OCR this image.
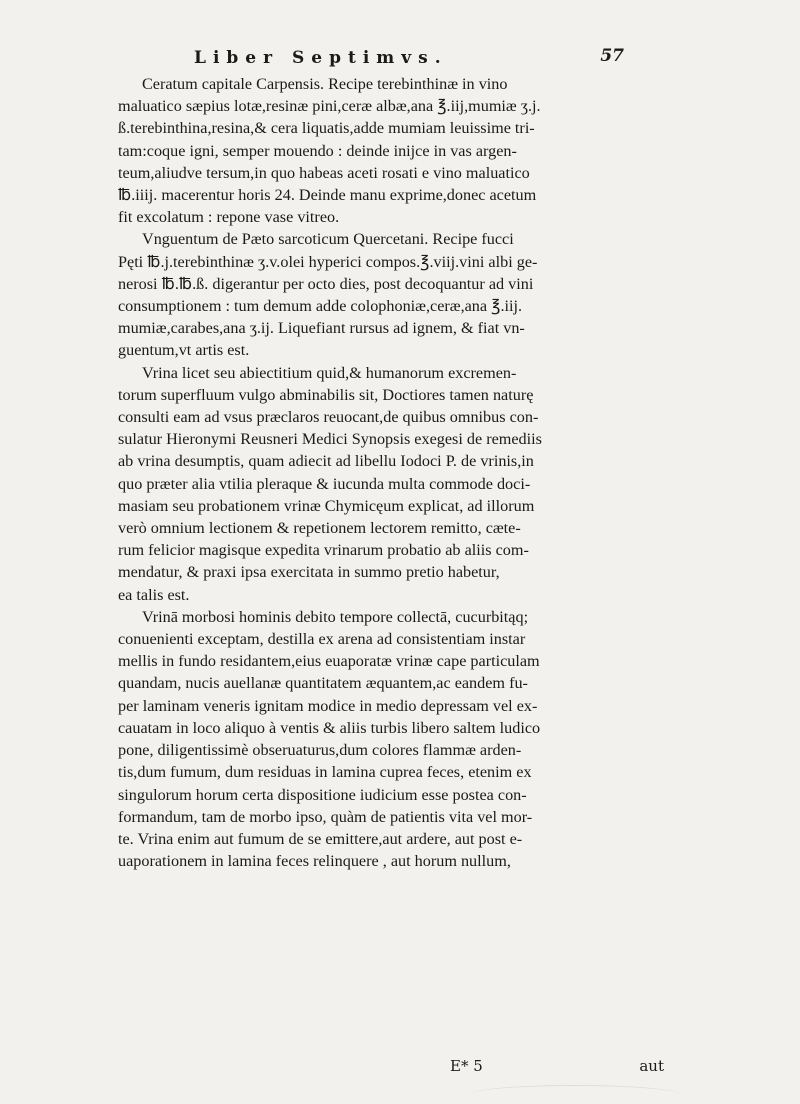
Liber Septimvs.	57

Ceratum capitale Carpensis. Recipe terebinthinæ in vino
maluatico sæpius lotæ,resinæ pini,ceræ albæ,ana ℥.iij,mumiæ ʒ.j.
ß.terebinthina,resina,& cera liquatis,adde mumiam leuissime tri-
tam:coque igni, semper mouendo : deinde inijce in vas argen-
teum,aliudve tersum,in quo habeas aceti rosati e vino maluatico
℔.iiij. macerentur horis 24. Deinde manu exprime,donec acetum
fit excolatum : repone vase vitreo.

Vnguentum de Pæto sarcoticum Quercetani. Recipe fucci
Pęti ℔.j.terebinthinæ ʒ.v.olei hyperici compos.℥.viij.vini albi ge-
nerosi ℔.℔.ß. digerantur per octo dies, post decoquantur ad vini
consumptionem : tum demum adde colophoniæ,ceræ,ana ℥.iij.
mumiæ,carabes,ana ʒ.ij. Liquefiant rursus ad ignem, & fiat vn-
guentum,vt artis est.

Vrina licet seu abiectitium quid,& humanorum excremen-
torum superfluum vulgo abminabilis sit, Doctiores tamen naturę
consulti eam ad vsus præclaros reuocant,de quibus omnibus con-
sulatur Hieronymi Reusneri Medici Synopsis exegesi de remediis
ab vrina desumptis, quam adiecit ad libellu Iodoci P. de vrinis,in
quo præter alia vtilia pleraque & iucunda multa commode doci-
masiam seu probationem vrinæ Chymicęum explicat, ad illorum
verò omnium lectionem & repetionem lectorem remitto, cæte-
rum felicior magisque expedita vrinarum probatio ab aliis com-
mendatur, & praxi ipsa exercitata in summo pretio habetur,
ea talis est.

Vrinā morbosi hominis debito tempore collectā, cucurbitąq;
conuenienti exceptam, destilla ex arena ad consistentiam instar
mellis in fundo residantem,eius euaporatæ vrinæ cape particulam
quandam, nucis auellanæ quantitatem æquantem,ac eandem fu-
per laminam veneris ignitam modice in medio depressam vel ex-
cauatam in loco aliquo à ventis & aliis turbis libero saltem ludico
pone, diligentissimè obseruaturus,dum colores flammæ arden-
tis,dum fumum, dum residuas in lamina cuprea feces, etenim ex
singulorum horum certa dispositione iudicium esse postea con-
formandum, tam de morbo ipso, quàm de patientis vita vel mor-
te. Vrina enim aut fumum de se emittere,aut ardere, aut post e-
uaporationem in lamina feces relinquere , aut horum nullum,

E* 5	aut
